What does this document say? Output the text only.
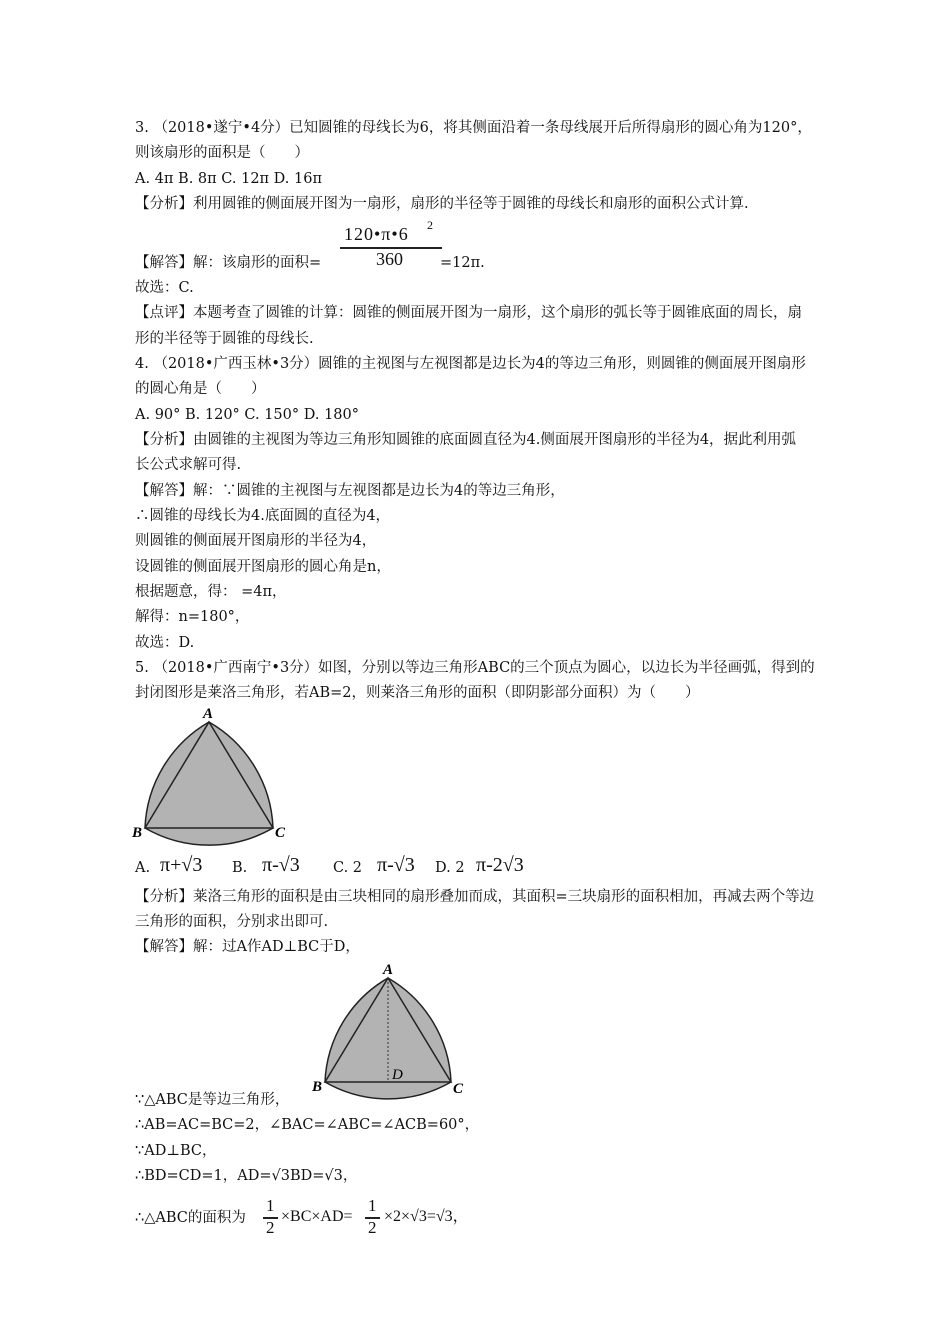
3. （2018•遂宁•4分）已知圆锥的母线长为6，将其侧面沿着一条母线展开后所得扇形的圆心角为120°，
则该扇形的面积是（　　）
A. 4π B. 8π C. 12π D. 16π
【分析】利用圆锥的侧面展开图为一扇形，扇形的半径等于圆锥的母线长和扇形的面积公式计算.
120•π•6 2
360
【解答】解：该扇形的面积=	=12π.
故选：C.
【点评】本题考查了圆锥的计算：圆锥的侧面展开图为一扇形，这个扇形的弧长等于圆锥底面的周长，扇
形的半径等于圆锥的母线长.
4. （2018•广西玉林•3分）圆锥的主视图与左视图都是边长为4的等边三角形，则圆锥的侧面展开图扇形
的圆心角是（　　）
A. 90° B. 120° C. 150° D. 180°
【分析】由圆锥的主视图为等边三角形知圆锥的底面圆直径为4.侧面展开图扇形的半径为4，据此利用弧
长公式求解可得.
【解答】解：∵圆锥的主视图与左视图都是边长为4的等边三角形，
∴圆锥的母线长为4.底面圆的直径为4，
则圆锥的侧面展开图扇形的半径为4，
设圆锥的侧面展开图扇形的圆心角是n，
根据题意，得： =4π，
解得：n=180°，
故选：D.
5. （2018•广西南宁•3分）如图，分别以等边三角形ABC的三个顶点为圆心，以边长为半径画弧，得到的
封闭图形是莱洛三角形，若AB=2，则莱洛三角形的面积（即阴影部分面积）为（　　）
A
B	C
A. π+√3 B. π-√3 C. 2 π-√3 D. 2 π-2√3
【分析】莱洛三角形的面积是由三块相同的扇形叠加而成，其面积=三块扇形的面积相加，再减去两个等边
三角形的面积，分别求出即可.
【解答】解：过A作AD⊥BC于D，
A
B	C
D
∵△ABC是等边三角形，
∴AB=AC=BC=2，∠BAC=∠ABC=∠ACB=60°，
∵AD⊥BC，
∴BD=CD=1，AD=√3BD=√3，
∴△ABC的面积为
1
2
×BC×AD=
1
2
×2×√3=√3，
